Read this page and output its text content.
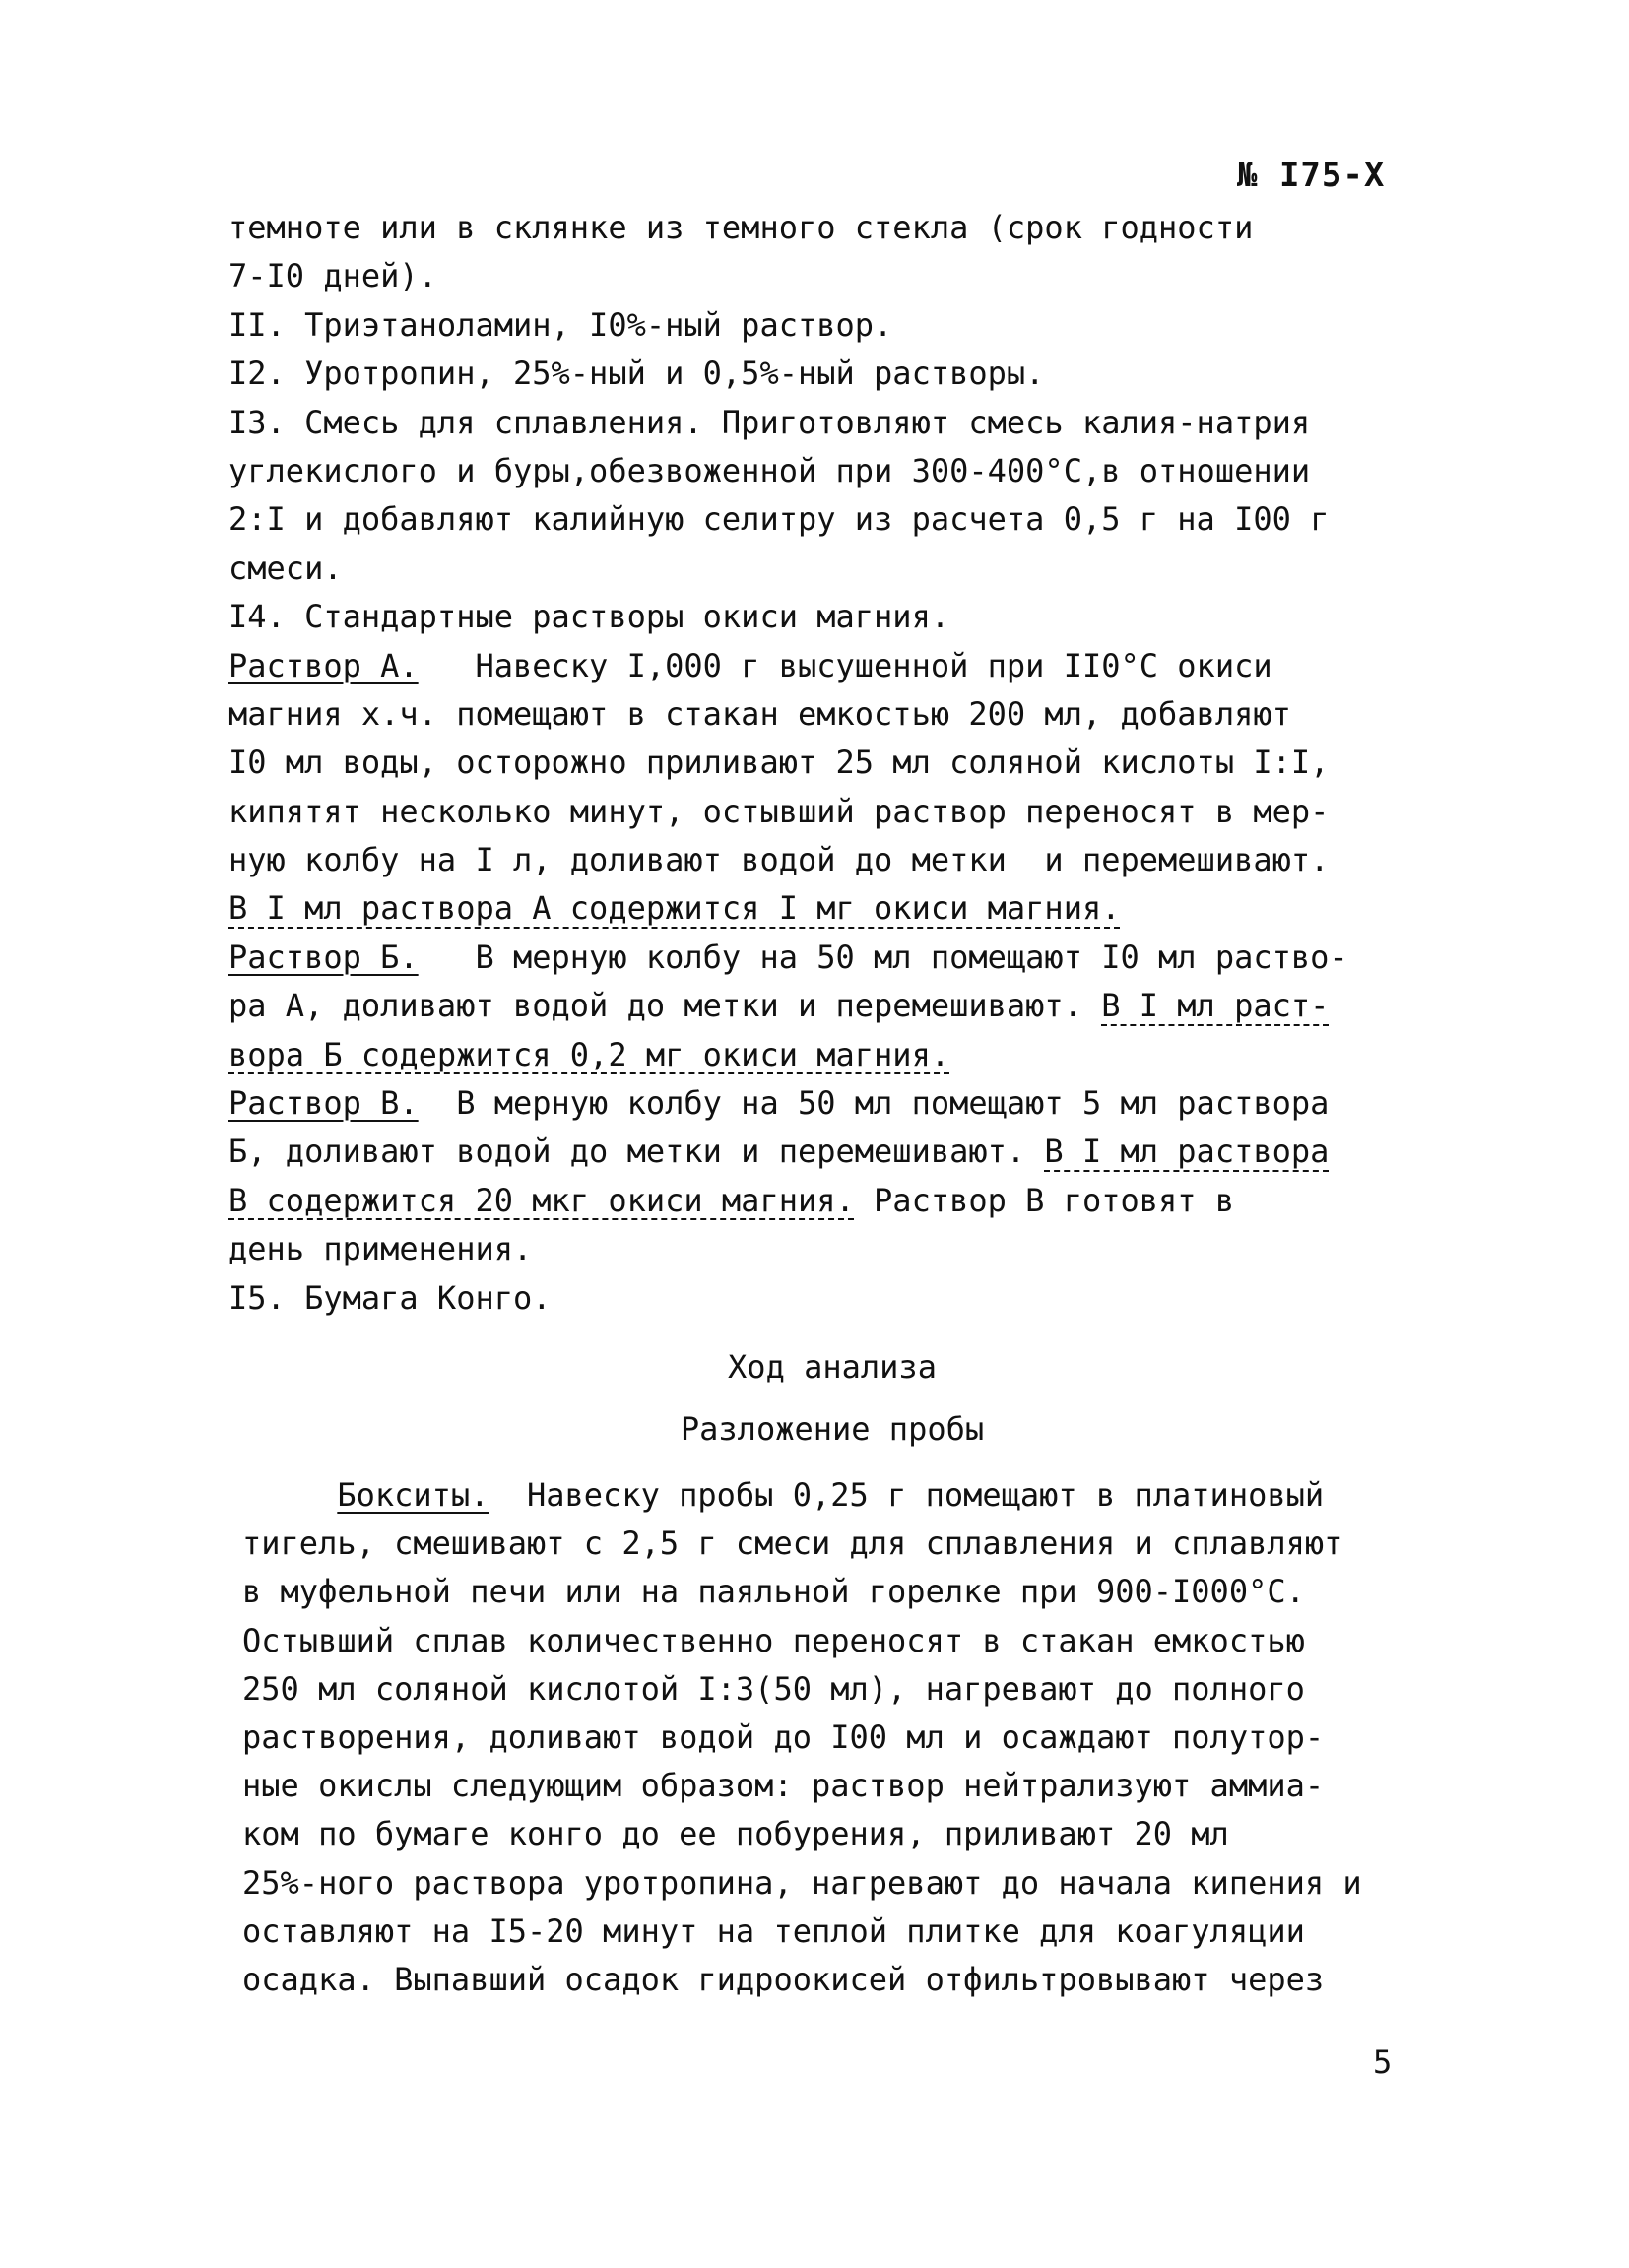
№ I75-Х
темноте или в склянке из темного стекла (срок годности
7-I0 дней).
II. Триэтаноламин, I0%-ный раствор.
I2. Уротропин, 25%-ный и 0,5%-ный растворы.
I3. Смесь для сплавления. Приготовляют смесь калия-натрия
углекислого и буры,обезвоженной при 300-400°С,в отношении
2:I и добавляют калийную селитру из расчета 0,5 г на I00 г
смеси.
I4. Стандартные растворы окиси магния.
Раствор А.   Навеску I,000 г высушенной при II0°С окиси
магния х.ч. помещают в стакан емкостью 200 мл, добавляют
I0 мл воды, осторожно приливают 25 мл соляной кислоты I:I,
кипятят несколько минут, остывший раствор переносят в мер-
ную колбу на I л, доливают водой до метки  и перемешивают.
В I мл раствора А содержится I мг окиси магния.
Раствор Б.   В мерную колбу на 50 мл помещают I0 мл раство-
ра А, доливают водой до метки и перемешивают. В I мл раст-
вора Б содержится 0,2 мг окиси магния.
Раствор В.  В мерную колбу на 50 мл помещают 5 мл раствора
Б, доливают водой до метки и перемешивают. В I мл раствора
В содержится 20 мкг окиси магния. Раствор В готовят в
день применения.
I5. Бумага Конго.
Ход анализа
Разложение пробы
Бокситы.  Навеску пробы 0,25 г помещают в платиновый
тигель, смешивают с 2,5 г смеси для сплавления и сплавляют
в муфельной печи или на паяльной горелке при 900-I000°С.
Остывший сплав количественно переносят в стакан емкостью
250 мл соляной кислотой I:3(50 мл), нагревают до полного
растворения, доливают водой до I00 мл и осаждают полутор-
ные окислы следующим образом: раствор нейтрализуют аммиа-
ком по бумаге конго до ее побурения, приливают 20 мл
25%-ного раствора уротропина, нагревают до начала кипения и
оставляют на I5-20 минут на теплой плитке для коагуляции
осадка. Выпавший осадок гидроокисей отфильтровывают через
5
